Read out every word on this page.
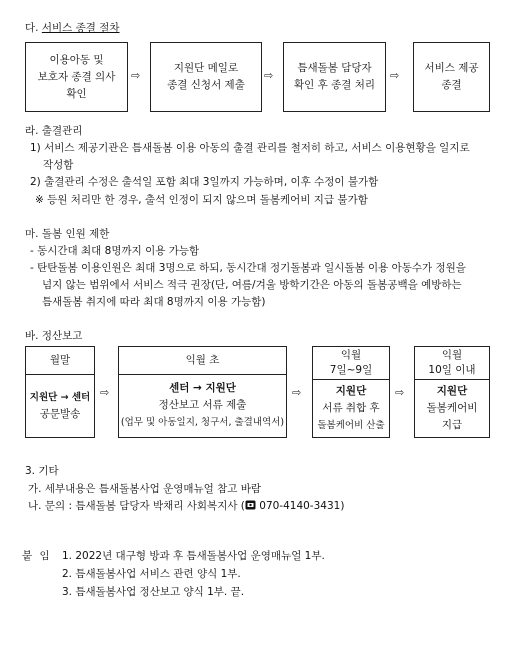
다. 서비스 종결 절차
이용아동 및
보호자 종결 의사
확인
⇨
지원단 메일로
종결 신청서 제출
⇨
틈새돌봄 담당자
확인 후 종결 처리
⇨
서비스 제공
종결
라. 출결관리
1) 서비스 제공기관은 틈새돌봄 이용 아동의 출결 관리를 철저히 하고, 서비스 이용현황을 일지로
작성함
2) 출결관리 수정은 출석일 포함 최대 3일까지 가능하며, 이후 수정이 불가함
※ 등원 처리만 한 경우, 출석 인정이 되지 않으며 돌봄케어비 지급 불가함
마. 돌봄 인원 제한
- 동시간대 최대 8명까지 이용 가능함
- 탄탄돌봄 이용인원은 최대 3명으로 하되, 동시간대 정기돌봄과 일시돌봄 이용 아동수가 정원을
넘지 않는 범위에서 서비스 적극 권장(단, 여름/겨울 방학기간은 아동의 돌봄공백을 예방하는
틈새돌봄 취지에 따라 최대 8명까지 이용 가능함)
바. 정산보고
월말
지원단 → 센터
공문발송
⇨
익월 초
센터 → 지원단
정산보고 서류 제출
(업무 및 아동일지, 청구서, 출결내역서)
⇨
익월
7일~9일
지원단
서류 취합 후
돌봄케어비 산출
⇨
익월
10일 이내
지원단
돌봄케어비
지급
3. 기타
가. 세부내용은 틈새돌봄사업 운영매뉴얼 참고 바람
나. 문의 : 틈새돌봄 담당자 박채리 사회복지사 ( 070-4140-3431)
붙 임 1. 2022년 대구형 방과 후 틈새돌봄사업 운영매뉴얼 1부.
2. 틈새돌봄사업 서비스 관련 양식 1부.
3. 틈새돌봄사업 정산보고 양식 1부. 끝.
